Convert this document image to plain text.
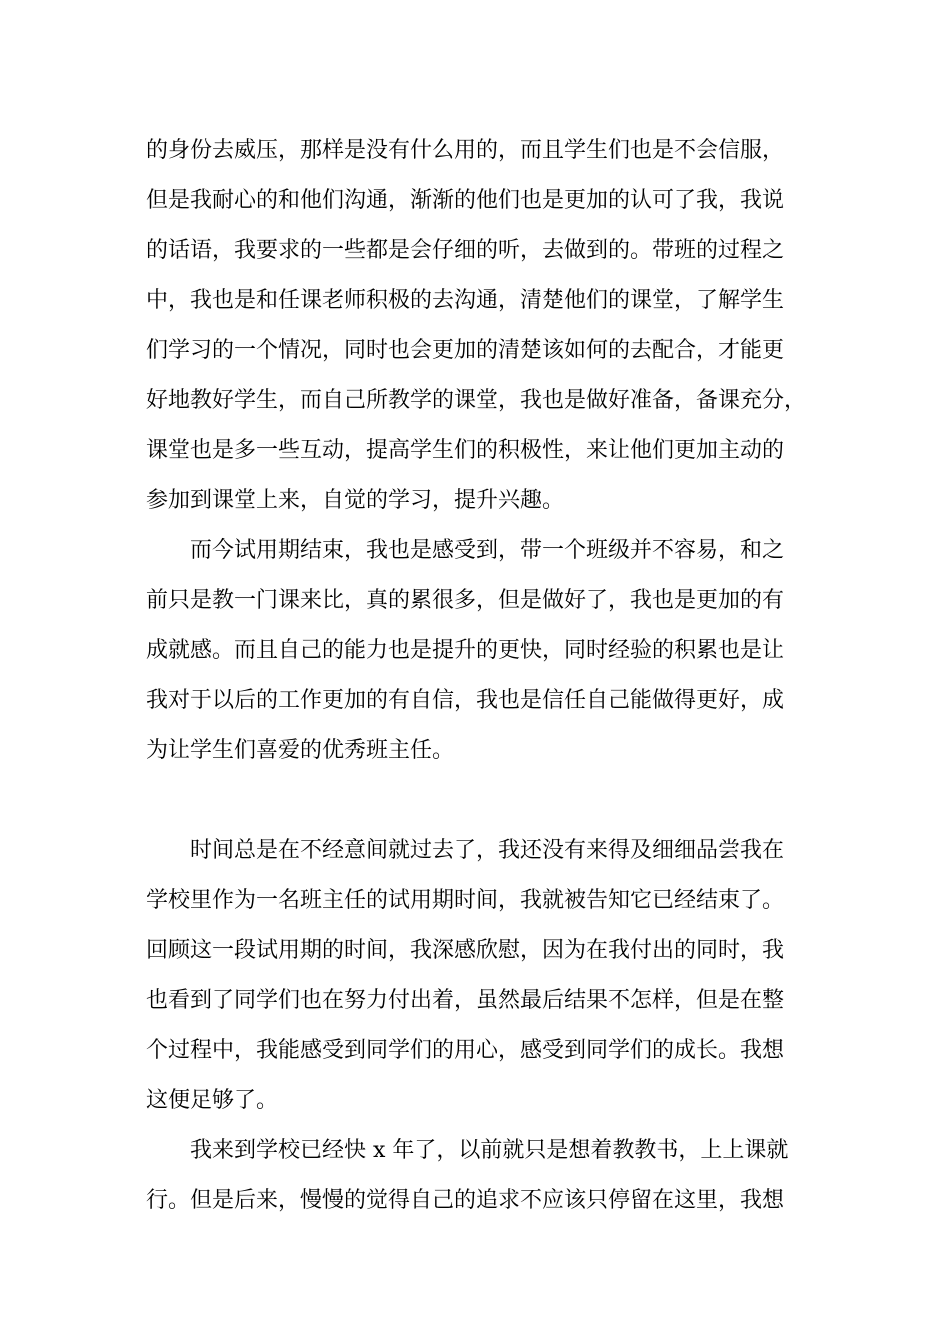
的身份去威压，那样是没有什么用的，而且学生们也是不会信服，
但是我耐心的和他们沟通，渐渐的他们也是更加的认可了我，我说
的话语，我要求的一些都是会仔细的听，去做到的。带班的过程之
中，我也是和任课老师积极的去沟通，清楚他们的课堂，了解学生
们学习的一个情况，同时也会更加的清楚该如何的去配合，才能更
好地教好学生，而自己所教学的课堂，我也是做好准备，备课充分，
课堂也是多一些互动，提高学生们的积极性，来让他们更加主动的
参加到课堂上来，自觉的学习，提升兴趣。
而今试用期结束，我也是感受到，带一个班级并不容易，和之
前只是教一门课来比，真的累很多，但是做好了，我也是更加的有
成就感。而且自己的能力也是提升的更快，同时经验的积累也是让
我对于以后的工作更加的有自信，我也是信任自己能做得更好，成
为让学生们喜爱的优秀班主任。
时间总是在不经意间就过去了，我还没有来得及细细品尝我在
学校里作为一名班主任的试用期时间，我就被告知它已经结束了。
回顾这一段试用期的时间，我深感欣慰，因为在我付出的同时，我
也看到了同学们也在努力付出着，虽然最后结果不怎样，但是在整
个过程中，我能感受到同学们的用心，感受到同学们的成长。我想
这便足够了。
我来到学校已经快 x 年了，以前就只是想着教教书，上上课就
行。但是后来，慢慢的觉得自己的追求不应该只停留在这里，我想
